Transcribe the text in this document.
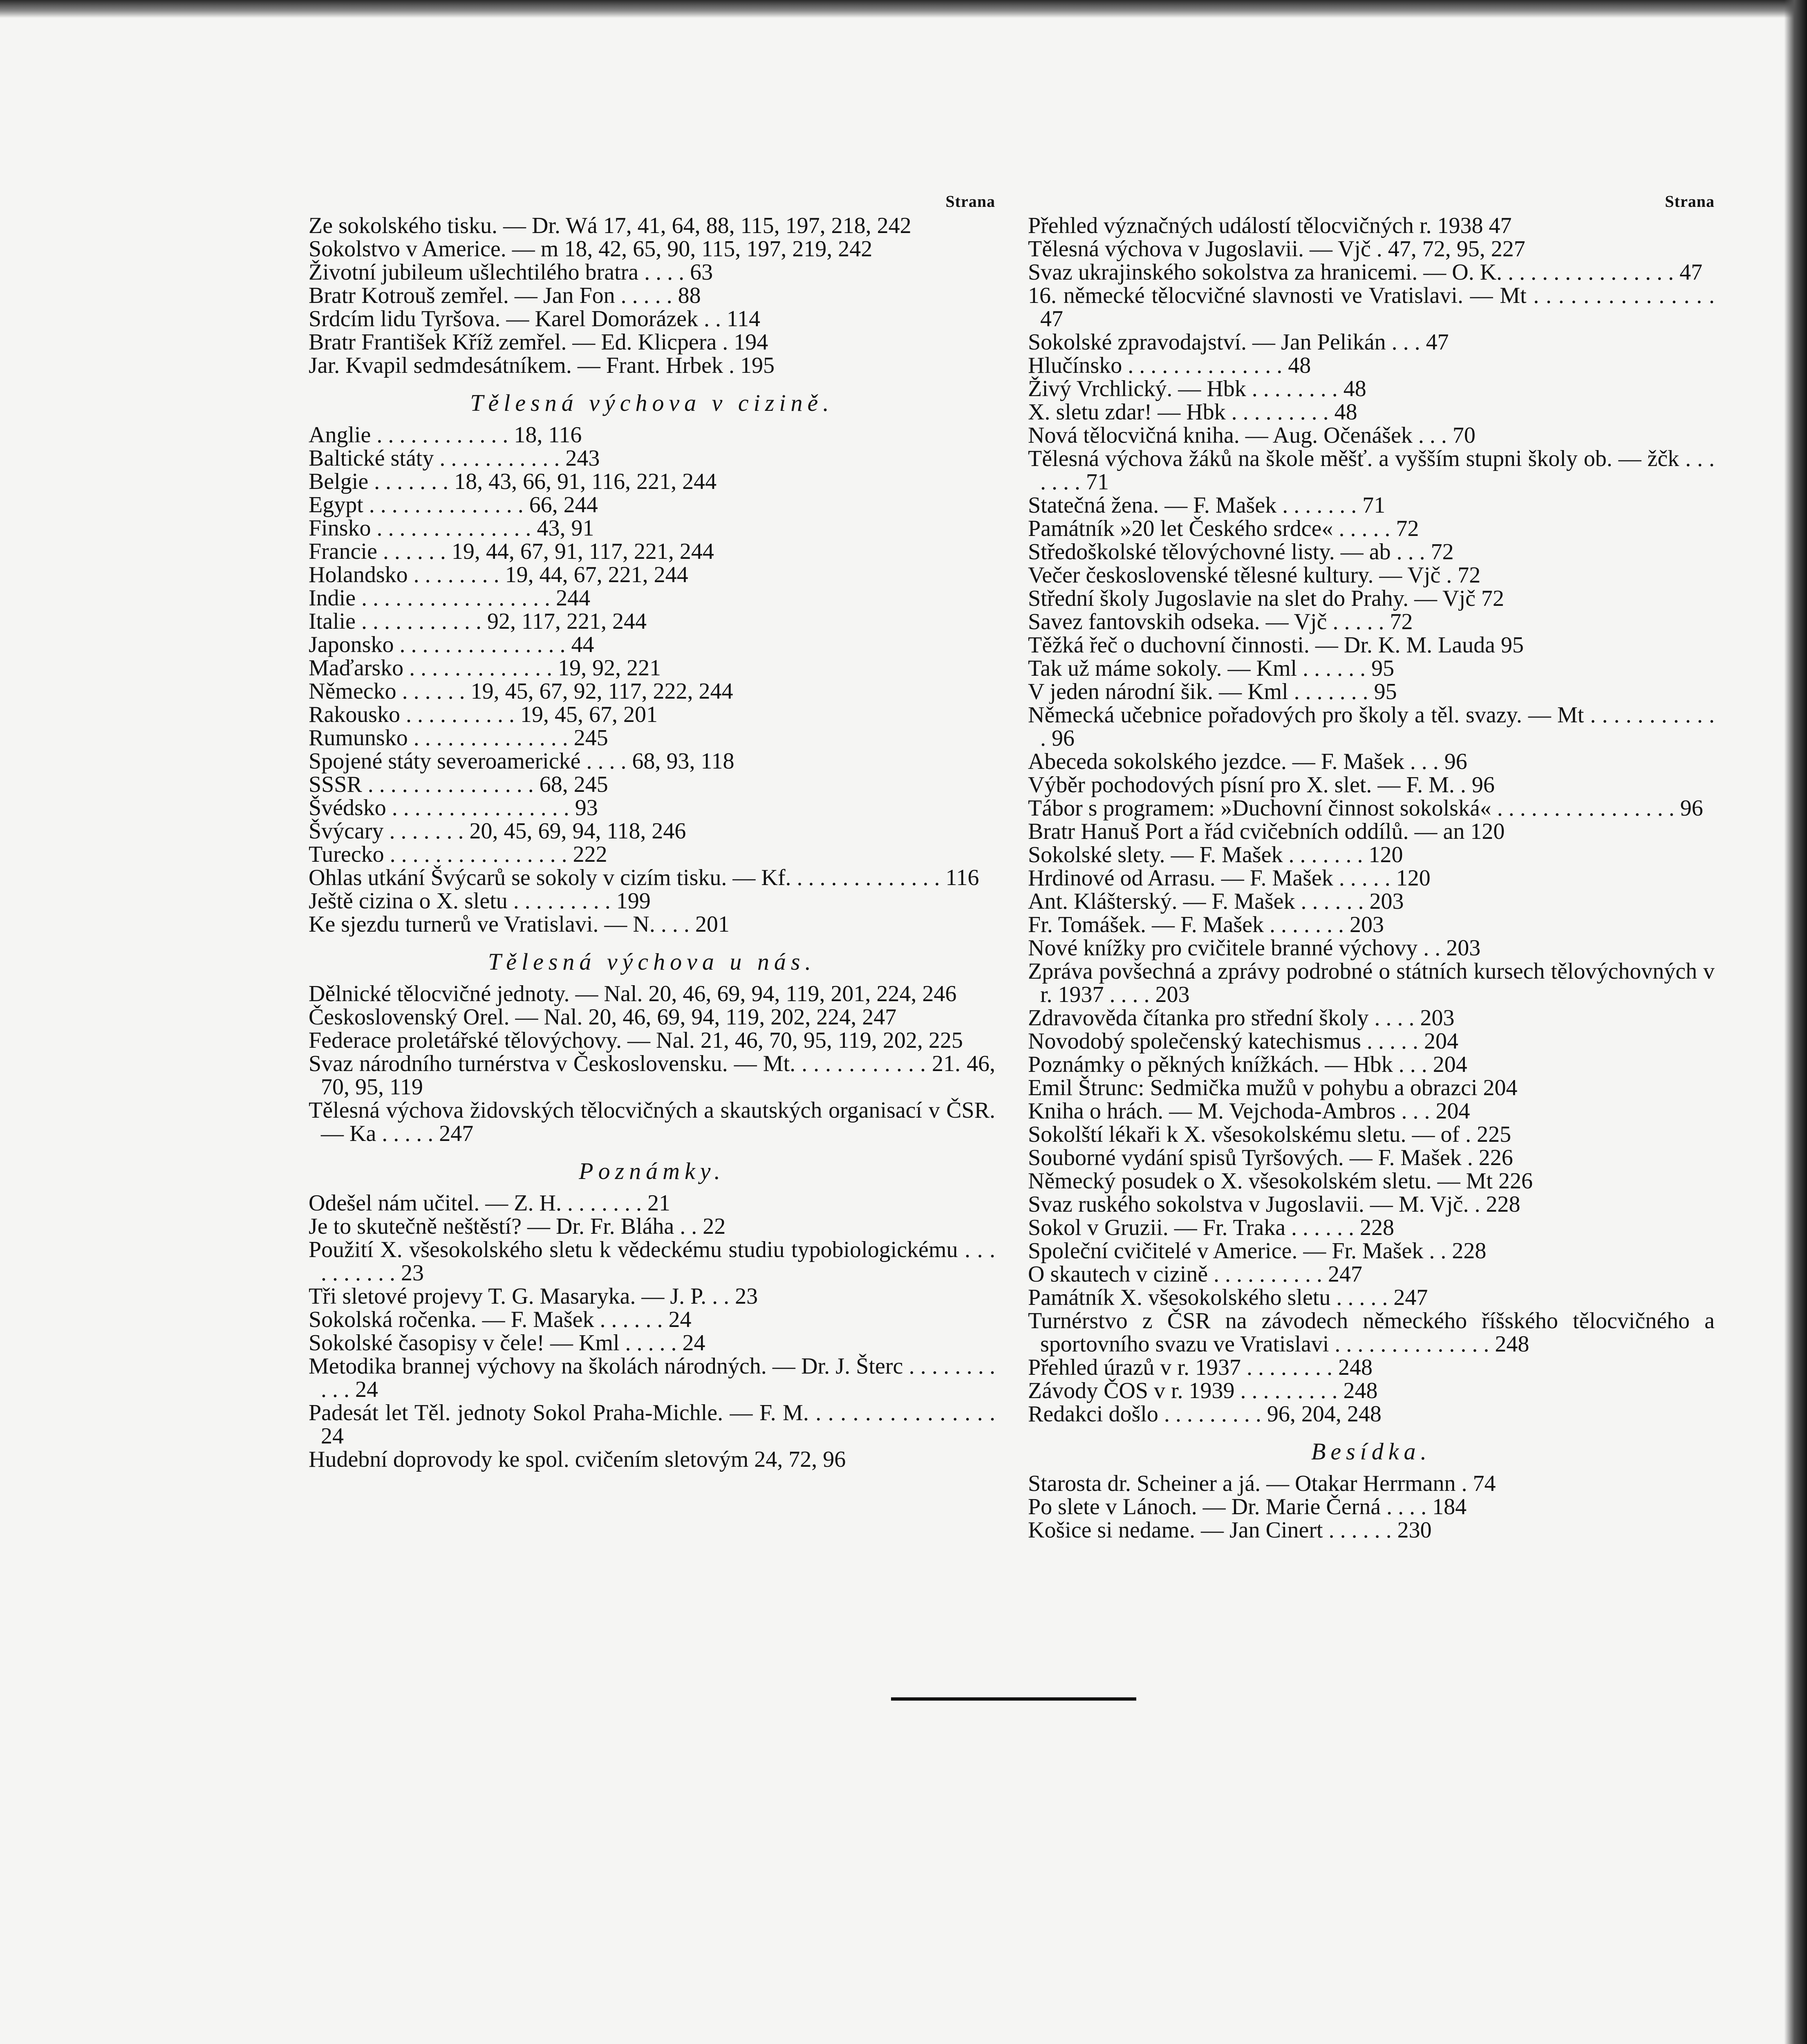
Strana
Ze sokolského tisku. — Dr. Wá 17, 41, 64, 88, 115, 197, 218, 242
Sokolstvo v Americe. — m 18, 42, 65, 90, 115, 197, 219, 242
Životní jubileum ušlechtilého bratra . . . . 63
Bratr Kotrouš zemřel. — Jan Fon . . . . . 88
Srdcím lidu Tyršova. — Karel Domorázek . . 114
Bratr František Kříž zemřel. — Ed. Klicpera . 194
Jar. Kvapil sedmdesátníkem. — Frant. Hrbek . 195
Tělesná výchova v cizině.
Anglie . . . . . . . . . . . . 18, 116
Baltické státy . . . . . . . . . . . 243
Belgie . . . . . . . 18, 43, 66, 91, 116, 221, 244
Egypt . . . . . . . . . . . . . . 66, 244
Finsko . . . . . . . . . . . . . . 43, 91
Francie . . . . . . 19, 44, 67, 91, 117, 221, 244
Holandsko . . . . . . . . 19, 44, 67, 221, 244
Indie . . . . . . . . . . . . . . . . . 244
Italie . . . . . . . . . . . 92, 117, 221, 244
Japonsko . . . . . . . . . . . . . . . 44
Maďarsko . . . . . . . . . . . . . 19, 92, 221
Německo . . . . . . 19, 45, 67, 92, 117, 222, 244
Rakousko . . . . . . . . . . 19, 45, 67, 201
Rumunsko . . . . . . . . . . . . . . 245
Spojené státy severoamerické . . . . 68, 93, 118
SSSR . . . . . . . . . . . . . . . 68, 245
Švédsko . . . . . . . . . . . . . . . . 93
Švýcary . . . . . . . 20, 45, 69, 94, 118, 246
Turecko . . . . . . . . . . . . . . . . 222
Ohlas utkání Švýcarů se sokoly v cizím tisku. — Kf. . . . . . . . . . . . . . 116
Ještě cizina o X. sletu . . . . . . . . . 199
Ke sjezdu turnerů ve Vratislavi. — N. . . . 201
Tělesná výchova u nás.
Dělnické tělocvičné jednoty. — Nal. 20, 46, 69, 94, 119, 201, 224, 246
Československý Orel. — Nal. 20, 46, 69, 94, 119, 202, 224, 247
Federace proletářské tělovýchovy. — Nal. 21, 46, 70, 95, 119, 202, 225
Svaz národního turnérstva v Československu. — Mt. . . . . . . . . . . . 21. 46, 70, 95, 119
Tělesná výchova židovských tělocvičných a skautských organisací v ČSR. — Ka . . . . . 247
Poznámky.
Odešel nám učitel. — Z. H. . . . . . . . 21
Je to skutečně neštěstí? — Dr. Fr. Bláha . . 22
Použití X. všesokolského sletu k vědeckému studiu typobiologickému . . . . . . . . . . 23
Tři sletové projevy T. G. Masaryka. — J. P. . . 23
Sokolská ročenka. — F. Mašek . . . . . . 24
Sokolské časopisy v čele! — Kml . . . . . 24
Metodika brannej výchovy na školách národných. — Dr. J. Šterc . . . . . . . . . . . 24
Padesát let Těl. jednoty Sokol Praha-Michle. — F. M. . . . . . . . . . . . . . . . 24
Hudební doprovody ke spol. cvičením sletovým 24, 72, 96
Strana
Přehled význačných událostí tělocvičných r. 1938 47
Tělesná výchova v Jugoslavii. — Vjč . 47, 72, 95, 227
Svaz ukrajinského sokolstva za hranicemi. — O. K. . . . . . . . . . . . . . . . 47
16. německé tělocvičné slavnosti ve Vratislavi. — Mt . . . . . . . . . . . . . . . 47
Sokolské zpravodajství. — Jan Pelikán . . . 47
Hlučínsko . . . . . . . . . . . . . . 48
Živý Vrchlický. — Hbk . . . . . . . . 48
X. sletu zdar! — Hbk . . . . . . . . . 48
Nová tělocvičná kniha. — Aug. Očenášek . . . 70
Tělesná výchova žáků na škole měšť. a vyšším stupni školy ob. — žčk . . . . . . . 71
Statečná žena. — F. Mašek . . . . . . . 71
Památník »20 let Českého srdce« . . . . . 72
Středoškolské tělovýchovné listy. — ab . . . 72
Večer československé tělesné kultury. — Vjč . 72
Střední školy Jugoslavie na slet do Prahy. — Vjč 72
Savez fantovskih odseka. — Vjč . . . . . 72
Těžká řeč o duchovní činnosti. — Dr. K. M. Lauda 95
Tak už máme sokoly. — Kml . . . . . . 95
V jeden národní šik. — Kml . . . . . . . 95
Německá učebnice pořadových pro školy a těl. svazy. — Mt . . . . . . . . . . . . 96
Abeceda sokolského jezdce. — F. Mašek . . . 96
Výběr pochodových písní pro X. slet. — F. M. . 96
Tábor s programem: »Duchovní činnost sokolská« . . . . . . . . . . . . . . . . 96
Bratr Hanuš Port a řád cvičebních oddílů. — an 120
Sokolské slety. — F. Mašek . . . . . . . 120
Hrdinové od Arrasu. — F. Mašek . . . . . 120
Ant. Klášterský. — F. Mašek . . . . . . 203
Fr. Tomášek. — F. Mašek . . . . . . . 203
Nové knížky pro cvičitele branné výchovy . . 203
Zpráva povšechná a zprávy podrobné o státních kursech tělovýchovných v r. 1937 . . . . 203
Zdravověda čítanka pro střední školy . . . . 203
Novodobý společenský katechismus . . . . . 204
Poznámky o pěkných knížkách. — Hbk . . . 204
Emil Štrunc: Sedmička mužů v pohybu a obrazci 204
Kniha o hrách. — M. Vejchoda-Ambros . . . 204
Sokolští lékaři k X. všesokolskému sletu. — of . 225
Souborné vydání spisů Tyršových. — F. Mašek . 226
Německý posudek o X. všesokolském sletu. — Mt 226
Svaz ruského sokolstva v Jugoslavii. — M. Vjč. . 228
Sokol v Gruzii. — Fr. Traka . . . . . . 228
Společní cvičitelé v Americe. — Fr. Mašek . . 228
O skautech v cizině . . . . . . . . . . 247
Památník X. všesokolského sletu . . . . . 247
Turnérstvo z ČSR na závodech německého říšského tělocvičného a sportovního svazu ve Vratislavi . . . . . . . . . . . . . . 248
Přehled úrazů v r. 1937 . . . . . . . . 248
Závody ČOS v r. 1939 . . . . . . . . . 248
Redakci došlo . . . . . . . . . 96, 204, 248
Besídka.
Starosta dr. Scheiner a já. — Otakar Herrmann . 74
Po slete v Lánoch. — Dr. Marie Černá . . . . 184
Košice si nedame. — Jan Cinert . . . . . . 230
